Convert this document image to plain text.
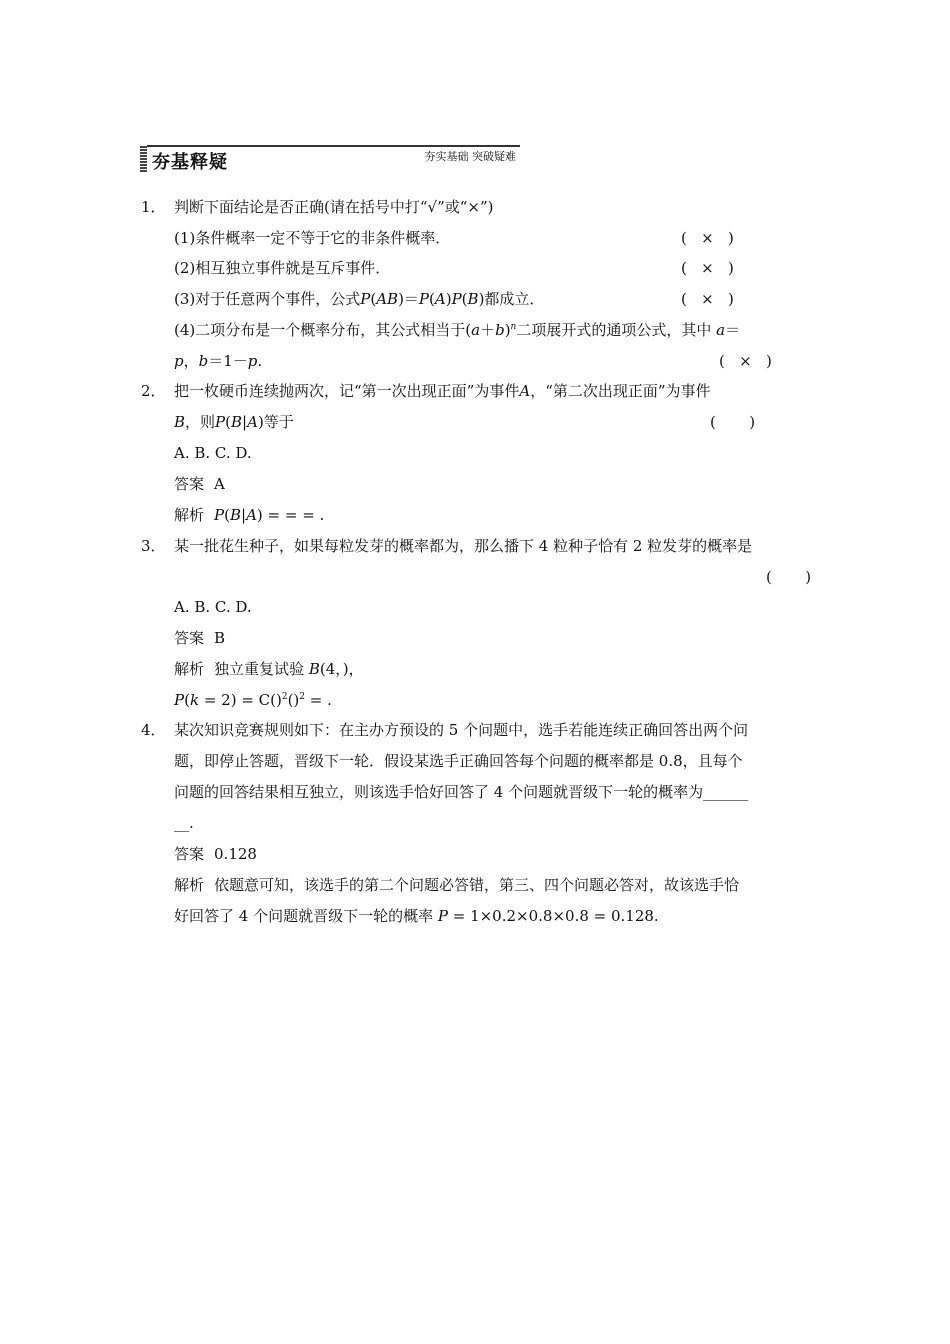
夯基释疑	夯实基础 突破疑难
1． 判断下面结论是否正确(请在括号中打“√”或“×”)
(1)条件概率一定不等于它的非条件概率．	(   ×   )
(2)相互独立事件就是互斥事件．	(   ×   )
(3)对于任意两个事件，公式P(AB)＝P(A)P(B)都成立．	(   ×   )
(4)二项分布是一个概率分布，其公式相当于$(a+b)^n$二项展开式的通项公式，其中 a＝
p，b＝1－p.	(   ×   )
2． 把一枚硬币连续抛两次，记“第一次出现正面”为事件A，“第二次出现正面”为事件
B，则P(B|A)等于	(       )
A. B. C. D.
答案 A
解析 P(B|A) = = = .
3． 某一批花生种子，如果每粒发芽的概率都为，那么播下 4 粒种子恰有 2 粒发芽的概率是
(       )
A. B. C. D.
答案 B
解析 独立重复试验 B(4，)，
P(k = 2) = C()$^2$()$^2$ = .
4． 某次知识竞赛规则如下：在主办方预设的 5 个问题中，选手若能连续正确回答出两个问
题，即停止答题，晋级下一轮．假设某选手正确回答每个问题的概率都是 0.8，且每个
问题的回答结果相互独立，则该选手恰好回答了 4 个问题就晋级下一轮的概率为______
__.
答案 0.128
解析 依题意可知，该选手的第二个问题必答错，第三、四个问题必答对，故该选手恰
好回答了 4 个问题就晋级下一轮的概率 P = 1×0.2×0.8×0.8 = 0.128.
